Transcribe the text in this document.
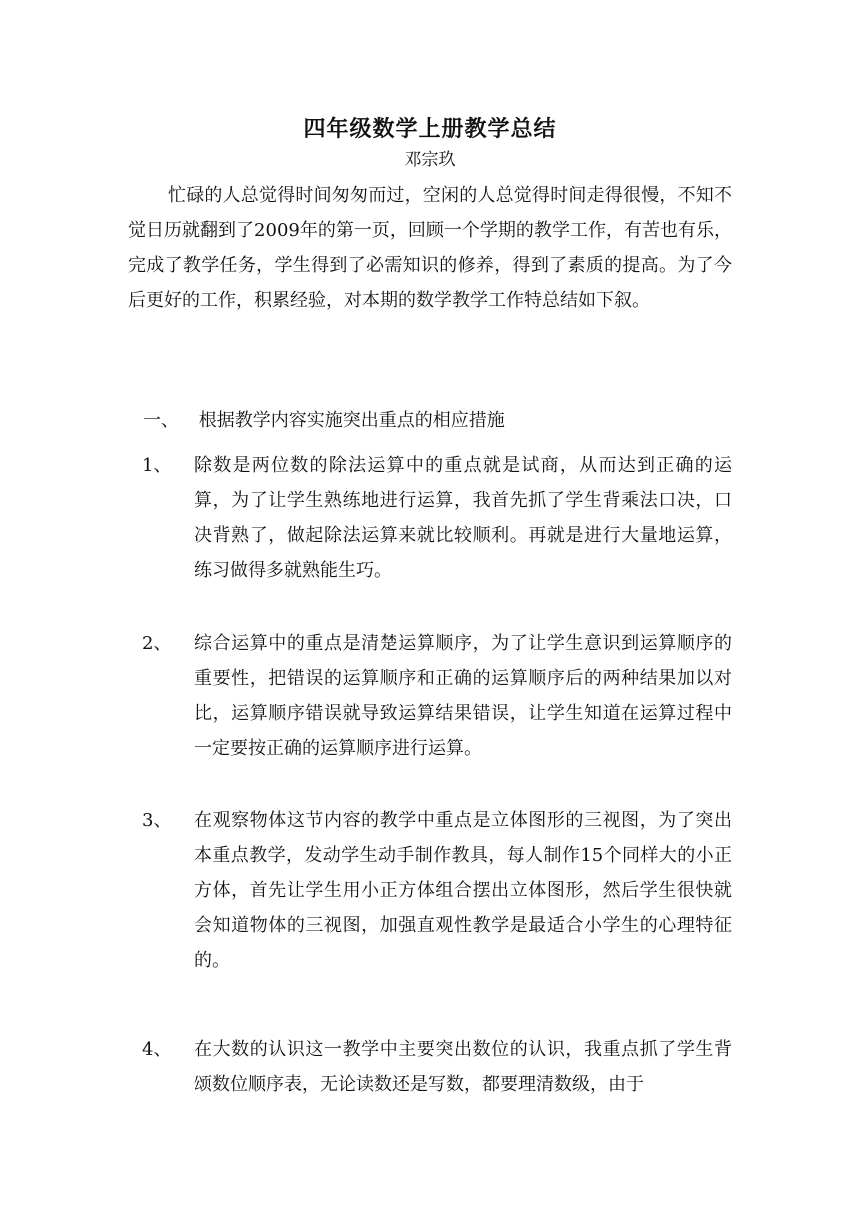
四年级数学上册教学总结
邓宗玖
忙碌的人总觉得时间匆匆而过，空闲的人总觉得时间走得很慢，不知不觉日历就翻到了2009年的第一页，回顾一个学期的教学工作，有苦也有乐，完成了教学任务，学生得到了必需知识的修养，得到了素质的提高。为了今后更好的工作，积累经验，对本期的数学教学工作特总结如下叙。
一、 根据教学内容实施突出重点的相应措施
1、	除数是两位数的除法运算中的重点就是试商，从而达到正确的运算，为了让学生熟练地进行运算，我首先抓了学生背乘法口决，口决背熟了，做起除法运算来就比较顺利。再就是进行大量地运算，练习做得多就熟能生巧。
2、	综合运算中的重点是清楚运算顺序，为了让学生意识到运算顺序的重要性，把错误的运算顺序和正确的运算顺序后的两种结果加以对比，运算顺序错误就导致运算结果错误，让学生知道在运算过程中一定要按正确的运算顺序进行运算。
3、	在观察物体这节内容的教学中重点是立体图形的三视图，为了突出本重点教学，发动学生动手制作教具，每人制作15个同样大的小正方体，首先让学生用小正方体组合摆出立体图形，然后学生很快就会知道物体的三视图，加强直观性教学是最适合小学生的心理特征的。
4、	在大数的认识这一教学中主要突出数位的认识，我重点抓了学生背颂数位顺序表，无论读数还是写数，都要理清数级，由于
